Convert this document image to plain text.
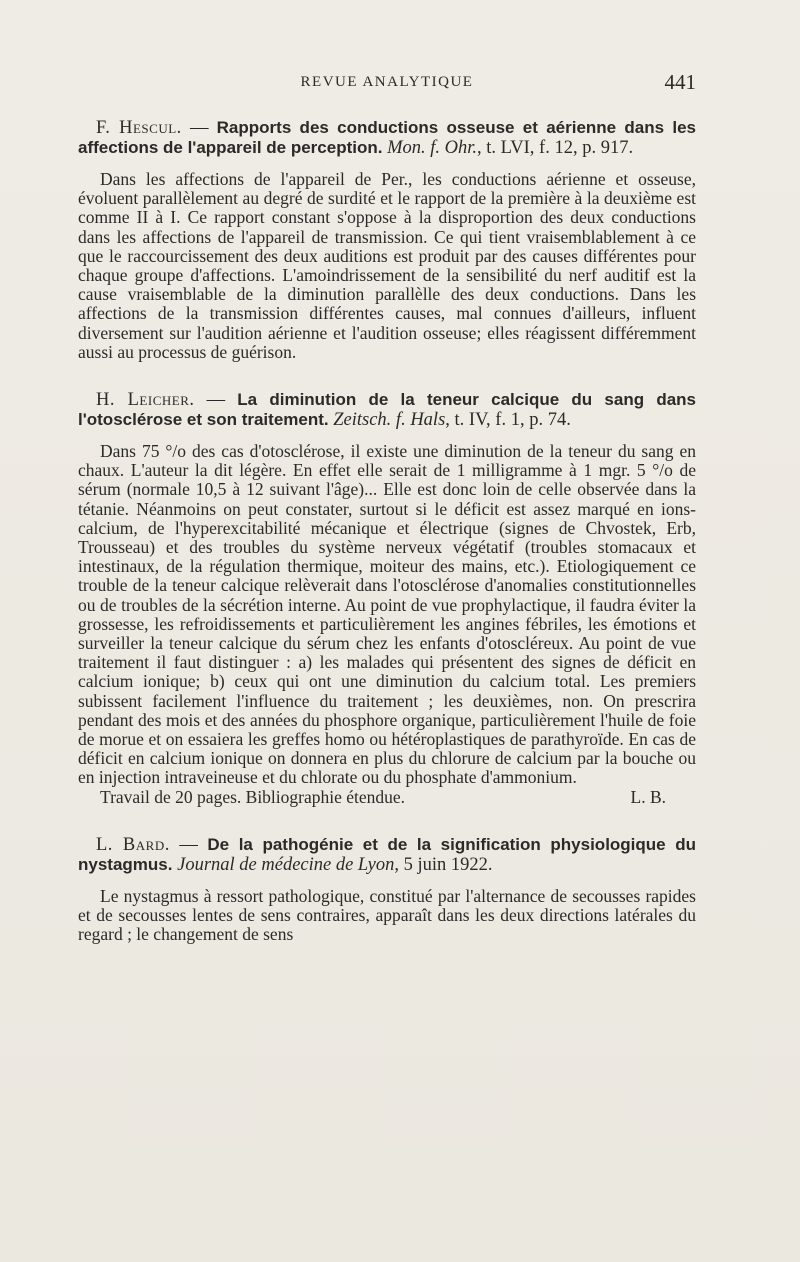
REVUE ANALYTIQUE	441

F. Hescul. — Rapports des conductions osseuse et aérienne dans les affections de l'appareil de perception. Mon. f. Ohr., t. LVI, f. 12, p. 917.

Dans les affections de l'appareil de Per., les conductions aérienne et osseuse, évoluent parallèlement au degré de surdité et le rapport de la première à la deuxième est comme II à I. Ce rapport constant s'oppose à la disproportion des deux conductions dans les affections de l'appareil de transmission. Ce qui tient vraisemblablement à ce que le raccourcissement des deux auditions est produit par des causes différentes pour chaque groupe d'affections. L'amoindrissement de la sensibilité du nerf auditif est la cause vraisemblable de la diminution parallèlle des deux conductions. Dans les affections de la transmission différentes causes, mal connues d'ailleurs, influent diversement sur l'audition aérienne et l'audition osseuse; elles réagissent différemment aussi au processus de guérison.

H. Leicher. — La diminution de la teneur calcique du sang dans l'otosclérose et son traitement. Zeitsch. f. Hals, t. IV, f. 1, p. 74.

Dans 75 °/o des cas d'otosclérose, il existe une diminution de la teneur du sang en chaux. L'auteur la dit légère. En effet elle serait de 1 milligramme à 1 mgr. 5 °/o de sérum (normale 10,5 à 12 suivant l'âge)... Elle est donc loin de celle observée dans la tétanie. Néanmoins on peut constater, surtout si le déficit est assez marqué en ions-calcium, de l'hyperexcitabilité mécanique et électrique (signes de Chvostek, Erb, Trousseau) et des troubles du système nerveux végétatif (troubles stomacaux et intestinaux, de la régulation thermique, moiteur des mains, etc.). Etiologiquement ce trouble de la teneur calcique relèverait dans l'otosclérose d'anomalies constitutionnelles ou de troubles de la sécrétion interne. Au point de vue prophylactique, il faudra éviter la grossesse, les refroidissements et particulièrement les angines fébriles, les émotions et surveiller la teneur calcique du sérum chez les enfants d'otoscléreux. Au point de vue traitement il faut distinguer : a) les malades qui présentent des signes de déficit en calcium ionique; b) ceux qui ont une diminution du calcium total. Les premiers subissent facilement l'influence du traitement ; les deuxièmes, non. On prescrira pendant des mois et des années du phosphore organique, particulièrement l'huile de foie de morue et on essaiera les greffes homo ou hétéroplastiques de parathyroïde. En cas de déficit en calcium ionique on donnera en plus du chlorure de calcium par la bouche ou en injection intraveineuse et du chlorate ou du phosphate d'ammonium.

Travail de 20 pages. Bibliographie étendue.	L. B.

L. Bard. — De la pathogénie et de la signification physiologique du nystagmus. Journal de médecine de Lyon, 5 juin 1922.

Le nystagmus à ressort pathologique, constitué par l'alternance de secousses rapides et de secousses lentes de sens contraires, apparaît dans les deux directions latérales du regard ; le changement de sens
